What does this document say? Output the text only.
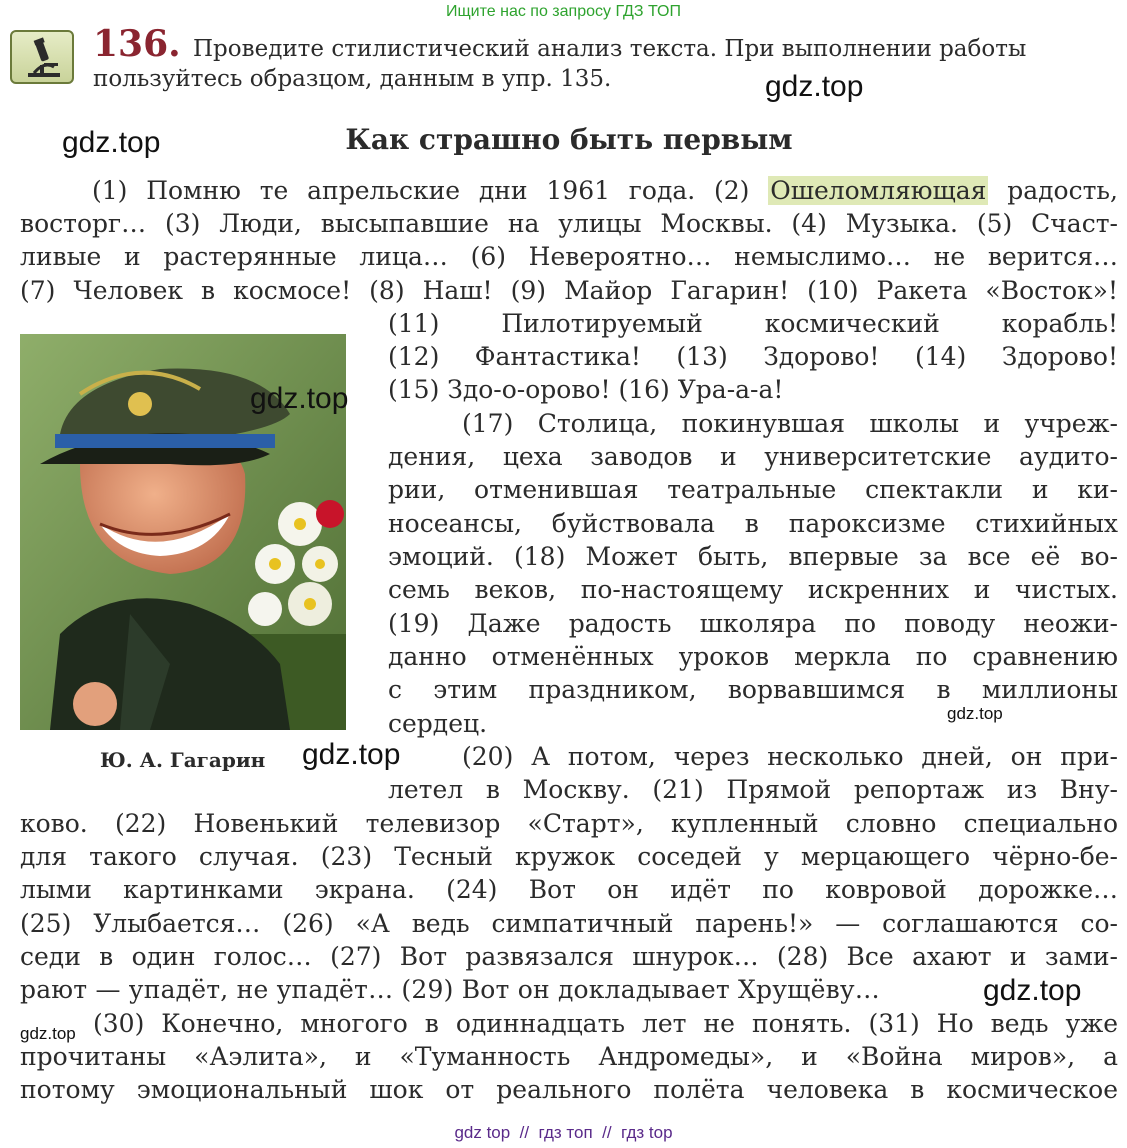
Ищите нас по запросу ГДЗ ТОП
136. Проведите стилистический анализ текста. При выполнении работы
пользуйтесь образцом, данным в упр. 135.	gdz.top
gdz.top	Как страшно быть первым
(1) Помню те апрельские дни 1961 года. (2) Ошеломляющая радость,
восторг… (3) Люди, высыпавшие на улицы Москвы. (4) Музыка. (5) Счаст-
ливые и растерянные лица… (6) Невероятно… немыслимо… не верится…
(7) Человек в космосе! (8) Наш! (9) Майор Гагарин! (10) Ракета «Восток»!
(11) Пилотируемый космический корабль!
(12) Фантастика! (13) Здорово! (14) Здорово!
(15) Здо-о-орово! (16) Ура-а-а!
(17) Столица, покинувшая школы и учреж-
дения, цеха заводов и университетские аудито-
рии, отменившая театральные спектакли и ки-
носеансы, буйствовала в пароксизме стихийных
эмоций. (18) Может быть, впервые за все её во-
семь веков, по-настоящему искренних и чистых.
(19) Даже радость школяра по поводу неожи-
данно отменённых уроков меркла по сравнению
с этим праздником, ворвавшимся в миллионы
сердец.
(20) А потом, через несколько дней, он при-
летел в Москву. (21) Прямой репортаж из Вну-
ково. (22) Новенький телевизор «Старт», купленный словно специально
для такого случая. (23) Тесный кружок соседей у мерцающего чёрно-бе-
лыми картинками экрана. (24) Вот он идёт по ковровой дорожке…
(25) Улыбается… (26) «А ведь симпатичный парень!» — соглашаются со-
седи в один голос… (27) Вот развязался шнурок… (28) Все ахают и зами-
рают — упадёт, не упадёт… (29) Вот он докладывает Хрущёву…
(30) Конечно, многого в одиннадцать лет не понять. (31) Но ведь уже
прочитаны «Аэлита», и «Туманность Андромеды», и «Война миров», а
потому эмоциональный шок от реального полёта человека в космическое
gdz.top
Ю. А. Гагарин gdz.top
gdz.top
gdz.top
gdz.top
gdz top  //  гдз топ  //  гдз top
